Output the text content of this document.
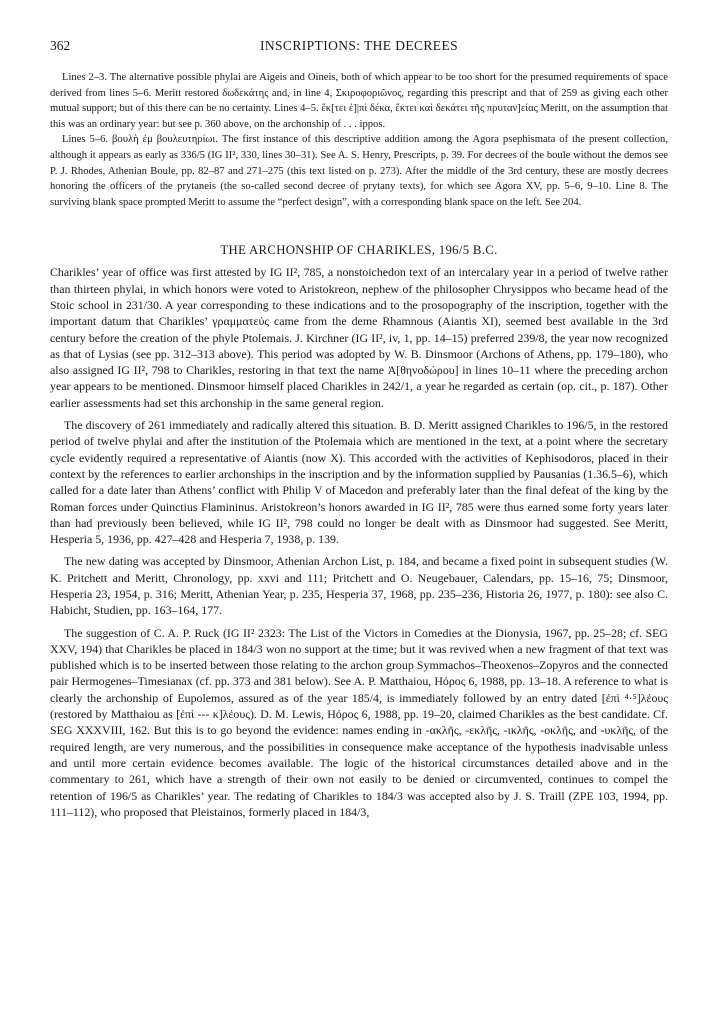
362	INSCRIPTIONS: THE DECREES

Lines 2–3. The alternative possible phylai are Aigeis and Oineis, both of which appear to be too short for the presumed requirements of space derived from lines 5–6. Meritt restored δωδεκάτης and, in line 4, Σκιροφοριῶνος, regarding this prescript and that of 259 as giving each other mutual support; but of this there can be no certainty. Lines 4–5. ἕκ[τει ἐ]|πὶ δέκα, ἕκτει καὶ δεκάτει τῆς πρυταν]είας Meritt, on the assumption that this was an ordinary year: but see p. 360 above, on the archonship of . . . ippos.

Lines 5–6. βουλὴ ἐμ βουλευτηρίωι. The first instance of this descriptive addition among the Agora psephismata of the present collection, although it appears as early as 336/5 (IG II², 330, lines 30–31). See A. S. Henry, Prescripts, p. 39. For decrees of the boule without the demos see P. J. Rhodes, Athenian Boule, pp. 82–87 and 271–275 (this text listed on p. 273). After the middle of the 3rd century, these are mostly decrees honoring the officers of the prytaneis (the so-called second decree of prytany texts), for which see Agora XV, pp. 5–6, 9–10. Line 8. The surviving blank space prompted Meritt to assume the “perfect design”, with a corresponding blank space on the left. See 204.

THE ARCHONSHIP OF CHARIKLES, 196/5 B.C.

Charikles’ year of office was first attested by IG II², 785, a nonstoichedon text of an intercalary year in a period of twelve rather than thirteen phylai, in which honors were voted to Aristokreon, nephew of the philosopher Chrysippos who became head of the Stoic school in 231/30. A year corresponding to these indications and to the prosopography of the inscription, together with the important datum that Charikles’ γραμματεύς came from the deme Rhamnous (Aiantis XI), seemed best available in the 3rd century before the creation of the phyle Ptolemais. J. Kirchner (IG II², iv, 1, pp. 14–15) preferred 239/8, the year now recognized as that of Lysias (see pp. 312–313 above). This period was adopted by W. B. Dinsmoor (Archons of Athens, pp. 179–180), who also assigned IG II², 798 to Charikles, restoring in that text the name Ἀ[θηνοδώρου] in lines 10–11 where the preceding archon year appears to be mentioned. Dinsmoor himself placed Charikles in 242/1, a year he regarded as certain (op. cit., p. 187). Other earlier assessments had set this archonship in the same general region.

The discovery of 261 immediately and radically altered this situation. B. D. Meritt assigned Charikles to 196/5, in the restored period of twelve phylai and after the institution of the Ptolemaia which are mentioned in the text, at a point where the secretary cycle evidently required a representative of Aiantis (now X). This accorded with the activities of Kephisodoros, placed in their context by the references to earlier archonships in the inscription and by the information supplied by Pausanias (1.36.5–6), which called for a date later than Athens’ conflict with Philip V of Macedon and preferably later than the final defeat of the king by the Roman forces under Quinctius Flamininus. Aristokreon’s honors awarded in IG II², 785 were thus earned some forty years later than had previously been believed, while IG II², 798 could no longer be dealt with as Dinsmoor had suggested. See Meritt, Hesperia 5, 1936, pp. 427–428 and Hesperia 7, 1938, p. 139.

The new dating was accepted by Dinsmoor, Athenian Archon List, p. 184, and became a fixed point in subsequent studies (W. K. Pritchett and Meritt, Chronology, pp. xxvi and 111; Pritchett and O. Neugebauer, Calendars, pp. 15–16, 75; Dinsmoor, Hesperia 23, 1954, p. 316; Meritt, Athenian Year, p. 235, Hesperia 37, 1968, pp. 235–236, Historia 26, 1977, p. 180): see also C. Habicht, Studien, pp. 163–164, 177.

The suggestion of C. A. P. Ruck (IG II² 2323: The List of the Victors in Comedies at the Dionysia, 1967, pp. 25–28; cf. SEG XXV, 194) that Charikles be placed in 184/3 won no support at the time; but it was revived when a new fragment of that text was published which is to be inserted between those relating to the archon group Symmachos–Theoxenos–Zopyros and the connected pair Hermogenes–Timesianax (cf. pp. 373 and 381 below). See A. P. Matthaiou, Ηόρος 6, 1988, pp. 13–18. A reference to what is clearly the archonship of Eupolemos, assured as of the year 185/4, is immediately followed by an entry dated [ἐπὶ ⁴·⁵]λέους (restored by Matthaiou as [ἐπὶ --- κ]λέους). D. M. Lewis, Ηόρος 6, 1988, pp. 19–20, claimed Charikles as the best candidate. Cf. SEG XXXVIII, 162. But this is to go beyond the evidence: names ending in -ακλῆς, -εκλῆς, -ικλῆς, -οκλῆς, and -υκλῆς, of the required length, are very numerous, and the possibilities in consequence make acceptance of the hypothesis inadvisable unless and until more certain evidence becomes available. The logic of the historical circumstances detailed above and in the commentary to 261, which have a strength of their own not easily to be denied or circumvented, continues to compel the retention of 196/5 as Charikles’ year. The redating of Charikles to 184/3 was accepted also by J. S. Traill (ZPE 103, 1994, pp. 111–112), who proposed that Pleistainos, formerly placed in 184/3,
